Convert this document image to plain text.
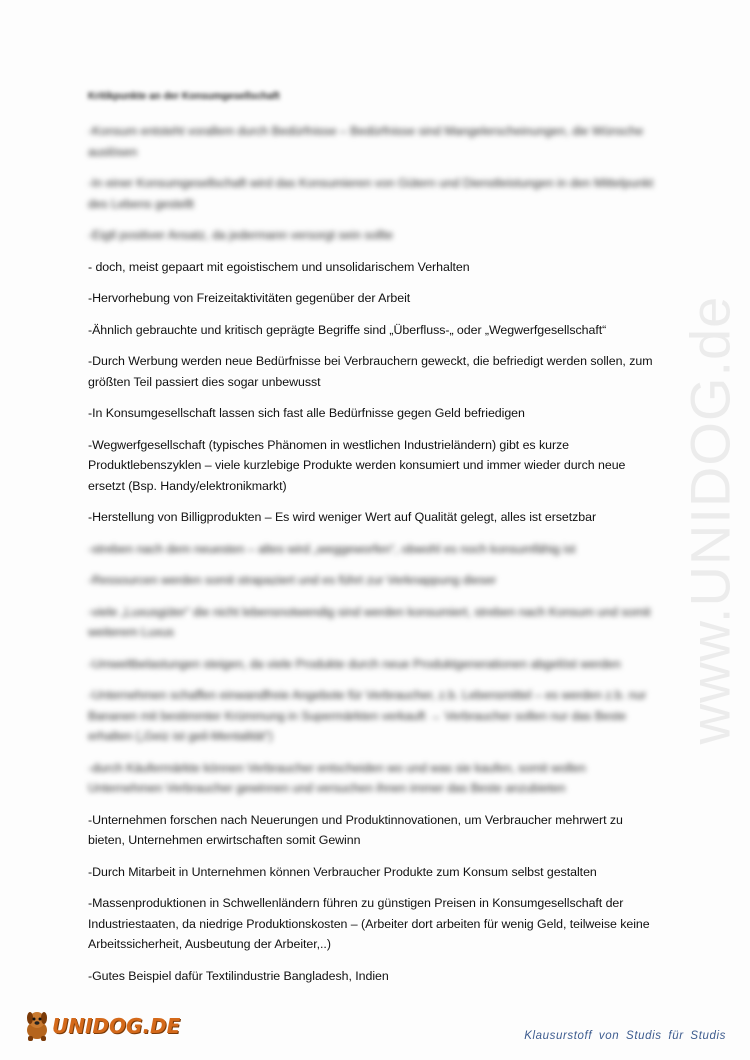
www.UNIDOG.de
Kritikpunkte an der Konsumgesellschaft
-Konsum entsteht vorallem durch Bedürfnisse – Bedürfnisse sind Mangelerscheinungen, die Wünsche auslösen
-In einer Konsumgesellschaft wird das Konsumieren von Gütern und Dienstleistungen in den Mittelpunkt des Lebens gestellt
-Eigtl positiver Ansatz, da jedermann versorgt sein sollte
- doch, meist gepaart mit egoistischem und unsolidarischem Verhalten
-Hervorhebung von Freizeitaktivitäten gegenüber der Arbeit
-Ähnlich gebrauchte und kritisch geprägte Begriffe sind „Überfluss-„ oder „Wegwerfgesellschaft“
-Durch Werbung werden neue Bedürfnisse bei Verbrauchern geweckt, die befriedigt werden sollen, zum größten Teil passiert dies sogar unbewusst
-In Konsumgesellschaft lassen sich fast alle Bedürfnisse gegen Geld befriedigen
-Wegwerfgesellschaft (typisches Phänomen in westlichen Industrieländern) gibt es kurze Produktlebenszyklen – viele kurzlebige Produkte werden konsumiert und immer wieder durch neue ersetzt (Bsp. Handy/elektronikmarkt)
-Herstellung von Billigprodukten – Es wird weniger Wert auf Qualität gelegt, alles ist ersetzbar
-streben nach dem neuesten – altes wird „weggeworfen“, obwohl es noch konsumfähig ist
-Ressourcen werden somit strapaziert und es führt zur Verknappung dieser
-viele „Luxusgüter“ die nicht lebensnotwendig sind werden konsumiert, streben nach Konsum und somit weiterem Luxus
-Umweltbelastungen steigen, da viele Produkte durch neue Produktgenerationen abgelöst werden
-Unternehmen schaffen einwandfreie Angebote für Verbraucher, z.b. Lebensmittel – es werden z.b. nur Bananen mit bestimmter Krümmung in Supermärkten verkauft → Verbraucher sollen nur das Beste erhalten („Geiz ist geil-Mentalität“)
-durch Käufermärkte können Verbraucher entscheiden wo und was sie kaufen, somit wollen Unternehmen Verbraucher gewinnen und versuchen ihnen immer das Beste anzubieten
-Unternehmen forschen nach Neuerungen und Produktinnovationen, um Verbraucher mehrwert zu bieten, Unternehmen erwirtschaften somit Gewinn
-Durch Mitarbeit in Unternehmen können Verbraucher Produkte zum Konsum selbst gestalten
-Massenproduktionen in Schwellenländern führen zu günstigen Preisen in Konsumgesellschaft der Industriestaaten, da niedrige Produktionskosten – (Arbeiter dort arbeiten für wenig Geld, teilweise keine Arbeitssicherheit, Ausbeutung der Arbeiter,..)
-Gutes Beispiel dafür Textilindustrie Bangladesh, Indien
UNIDOG.DE	Klausurstoff von Studis für Studis
